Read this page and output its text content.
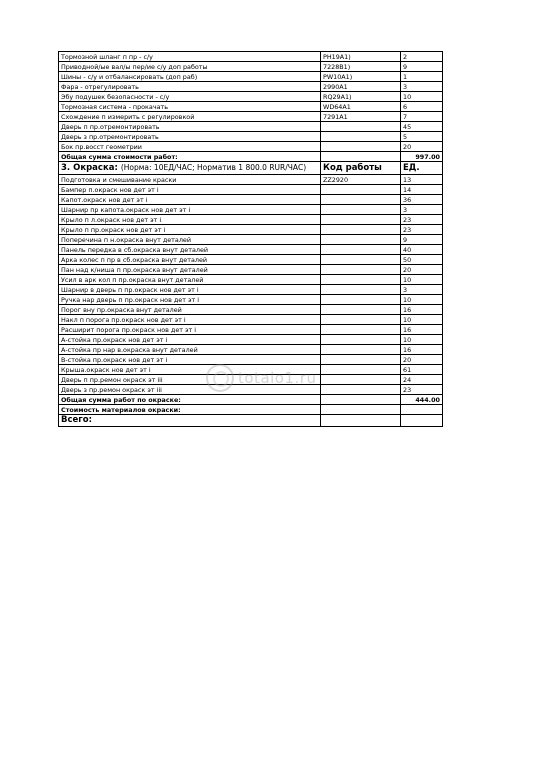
Тормозной шланг п пр - с/у	PH19A1)	2
Приводной/ые вал/ы пер/ие с/у доп работы	7228B1)	9
Шины - с/у и отбалансировать (доп раб)	PW10A1)	1
Фара - отрегулировать	2990A1	3
Эбу подушек безопасности - с/у	RQ29A1)	10
Тормозная система - прокачать	WD64A1	6
Схождение п измерить с регулировкой	7291A1	7
Дверь п пр.отремонтировать		45
Дверь з пр.отремонтировать		5
Бок пр.восст геометрии		20
Общая сумма стоимости работ:		997.00
3. Окраска: (Норма: 10ЕД/ЧАС; Норматив 1 800.0 RUR/ЧАС)	Код работы	ЕД.
Подготовка и смешивание краски	ZZ2920	13
Бампер п.окраск нов дет эт i		14
Капот.окраск нов дет эт i		36
Шарнир пр капота.окраск нов дет эт i		3
Крыло п л.окраск нов дет эт i		23
Крыло п пр.окраск нов дет эт i		23
Поперечина п н.окраска внут деталей		9
Панель передка в сб.окраска внут деталей		40
Арка колес п пр в сб.окраска внут деталей		50
Пан над к/ниша п пр.окраска внут деталей		20
Усил в арк кол п пр.окраска внут деталей		10
Шарнир в дверь п пр.окраск нов дет эт i		3
Ручка нар дверь п пр.окраск нов дет эт i		10
Порог вну пр.окраска внут деталей		16
Накл п порога пр.окраск нов дет эт i		10
Расширит порога пр.окраск нов дет эт i		16
А-стойка пр.окраск нов дет эт i		10
А-стойка пр нар в.окраска внут деталей		16
В-стойка пр.окраск нов дет эт i		20
Крыша.окраск нов дет эт i		61
Дверь п пр.ремон окраск эт iii		24
Дверь з пр.ремон окраск эт iii		23
Общая сумма работ по окраске:		444.00
Стоимость материалов окраски:		
Всего:		
totalo1.ru
